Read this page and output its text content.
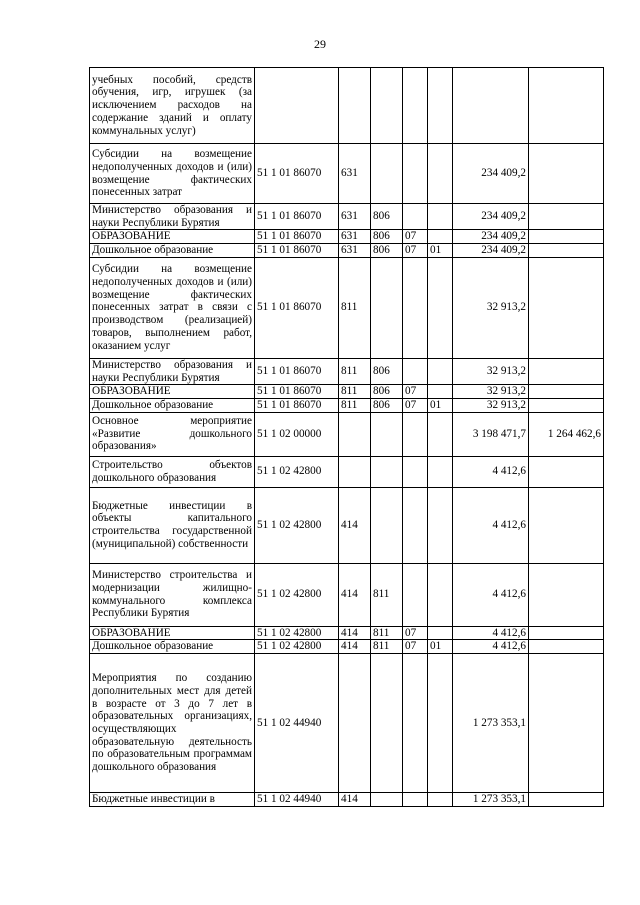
29
учебных пособий, средств обучения, игр, игрушек (за исключением расходов на содержание зданий и оплату коммунальных услуг)							
Субсидии на возмещение недополученных доходов и (или) возмещение фактических понесенных затрат	51 1 01 86070	631				234 409,2	
Министерство образования и науки Республики Бурятия	51 1 01 86070	631	806			234 409,2	
ОБРАЗОВАНИЕ	51 1 01 86070	631	806	07		234 409,2	
Дошкольное образование	51 1 01 86070	631	806	07	01	234 409,2	
Субсидии на возмещение недополученных доходов и (или) возмещение фактических понесенных затрат в связи с производством (реализацией) товаров, выполнением работ, оказанием услуг	51 1 01 86070	811				32 913,2	
Министерство образования и науки Республики Бурятия	51 1 01 86070	811	806			32 913,2	
ОБРАЗОВАНИЕ	51 1 01 86070	811	806	07		32 913,2	
Дошкольное образование	51 1 01 86070	811	806	07	01	32 913,2	
Основное мероприятие «Развитие дошкольного образования»	51 1 02 00000					3 198 471,7	1 264 462,6
Строительство объектов дошкольного образования	51 1 02 42800					4 412,6	
Бюджетные инвестиции в объекты капитального строительства государственной (муниципальной) собственности	51 1 02 42800	414				4 412,6	
Министерство строительства и модернизации жилищно-коммунального комплекса Республики Бурятия	51 1 02 42800	414	811			4 412,6	
ОБРАЗОВАНИЕ	51 1 02 42800	414	811	07		4 412,6	
Дошкольное образование	51 1 02 42800	414	811	07	01	4 412,6	
Мероприятия по созданию дополнительных мест для детей в возрасте от 3 до 7 лет в образовательных организациях, осуществляющих образовательную деятельность по образовательным программам дошкольного образования	51 1 02 44940					1 273 353,1	
Бюджетные инвестиции в	51 1 02 44940	414				1 273 353,1	
